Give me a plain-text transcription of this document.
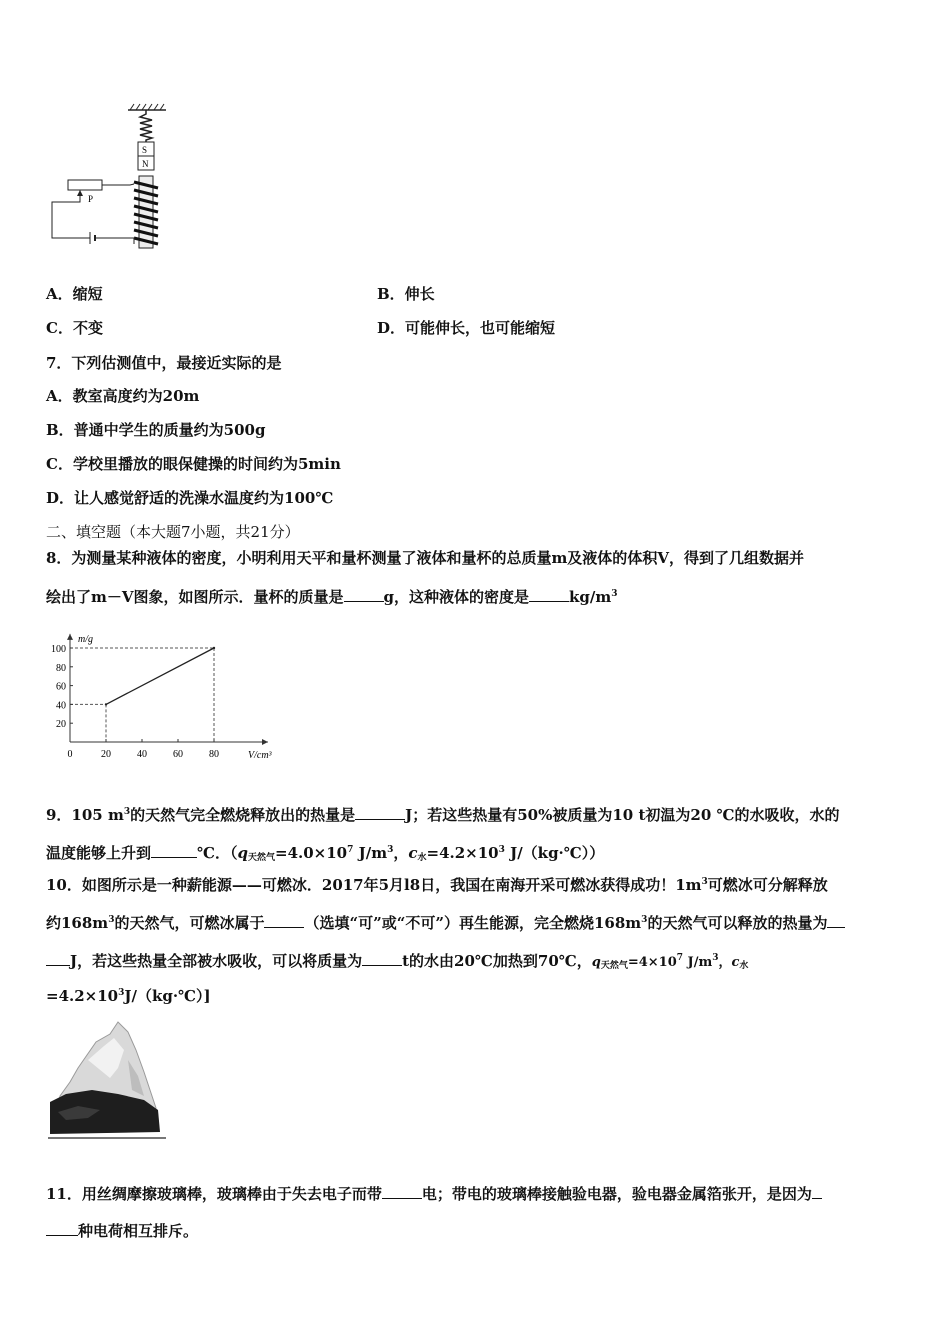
S
N
P
A．缩短	B．伸长
C．不变	D．可能伸长，也可能缩短
7．下列估测值中，最接近实际的是
A．教室高度约为20m
B．普通中学生的质量约为500g
C．学校里播放的眼保健操的时间约为5min
D．让人感觉舒适的洗澡水温度约为100℃
二、填空题（本大题7小题，共21分）
8．为测量某种液体的密度，小明利用天平和量杯测量了液体和量杯的总质量m及液体的体积V，得到了几组数据并
绘出了m－V图象，如图所示．量杯的质量是	g，这种液体的密度是	$kg/m^3$
m/g
V/cm³
0	20	40	60	80
20
40
60
80
100
9．105 $m^3$的天然气完全燃烧释放出的热量是	J；若这些热量有50%被质量为10 t初温为20 ℃的水吸收，水的
温度能够上升到	℃．（$q_{天然气}=4.0\times 10^7$ $J/m^3$，$c_水=4.2\times 10^3$ J/（kg·℃））
10．如图所示是一种薪能源——可燃冰．2017年5月l8日，我国在南海开采可燃冰获得成功！$1m^3$可燃冰可分解释放
约$168m^3$的天然气，可燃冰属于	（选填“可”或“不可”）再生能源，完全燃烧$168m^3$的天然气可以释放的热量为
J，若这些热量全部被水吸收，可以将质量为	t的水由20℃加热到70℃，$q_{天然气}=4\times 10^7$ $J/m^3$，$c_水$
$=4.2\times 10^3J/(kg\cdot℃)$]
11．用丝绸摩擦玻璃棒，玻璃棒由于失去电子而带	电；带电的玻璃棒接触验电器，验电器金属箔张开，是因为
种电荷相互排斥。
